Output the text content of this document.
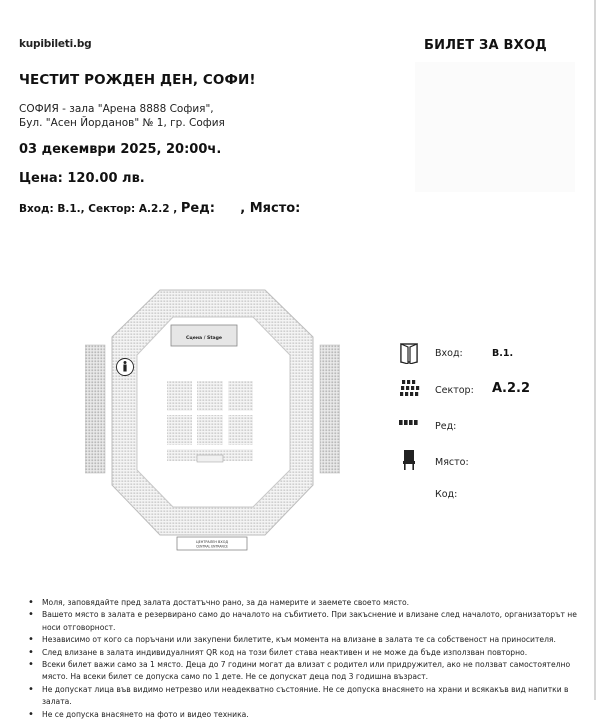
kupibileti.bg	БИЛЕТ ЗА ВХОД
ЧЕСТИТ РОЖДЕН ДЕН, СОФИ!
СОФИЯ - зала "Арена 8888 София",
Бул. "Асен Йорданов" № 1, гр. София
03 декември 2025, 20:00ч.
Цена: 120.00 лв.
Вход: В.1., Сектор: А.2.2 , Ред: , Място:
Сцена / Stage
ЦЕНТРАЛЕН ВХОД
CENTRAL ENTRANCE
Вход:	В.1.
Сектор: А.2.2
Ред:
Място:
Код:
• Моля, заповядайте пред залата достатъчно рано, за да намерите и заемете своето място.
• Вашето място в залата е резервирано само до началото на събитието. При закъснение и влизане след началото, организаторът не носи отговорност.
• Независимо от кого са поръчани или закупени билетите, към момента на влизане в залата те са собственост на приносителя.
• След влизане в залата индивидуалният QR код на този билет става неактивен и не може да бъде използван повторно.
• Всеки билет важи само за 1 място. Деца до 7 години могат да влизат с родител или придружител, ако не ползват самостоятелно място. На всеки билет се допуска само по 1 дете. Не се допускат деца под 3 годишна възраст.
• Не допускат лица във видимо нетрезво или неадекватно състояние. Не се допуска внасянето на храни и всякакъв вид напитки в залата.
• Не се допуска внасянето на фото и видео техника.
